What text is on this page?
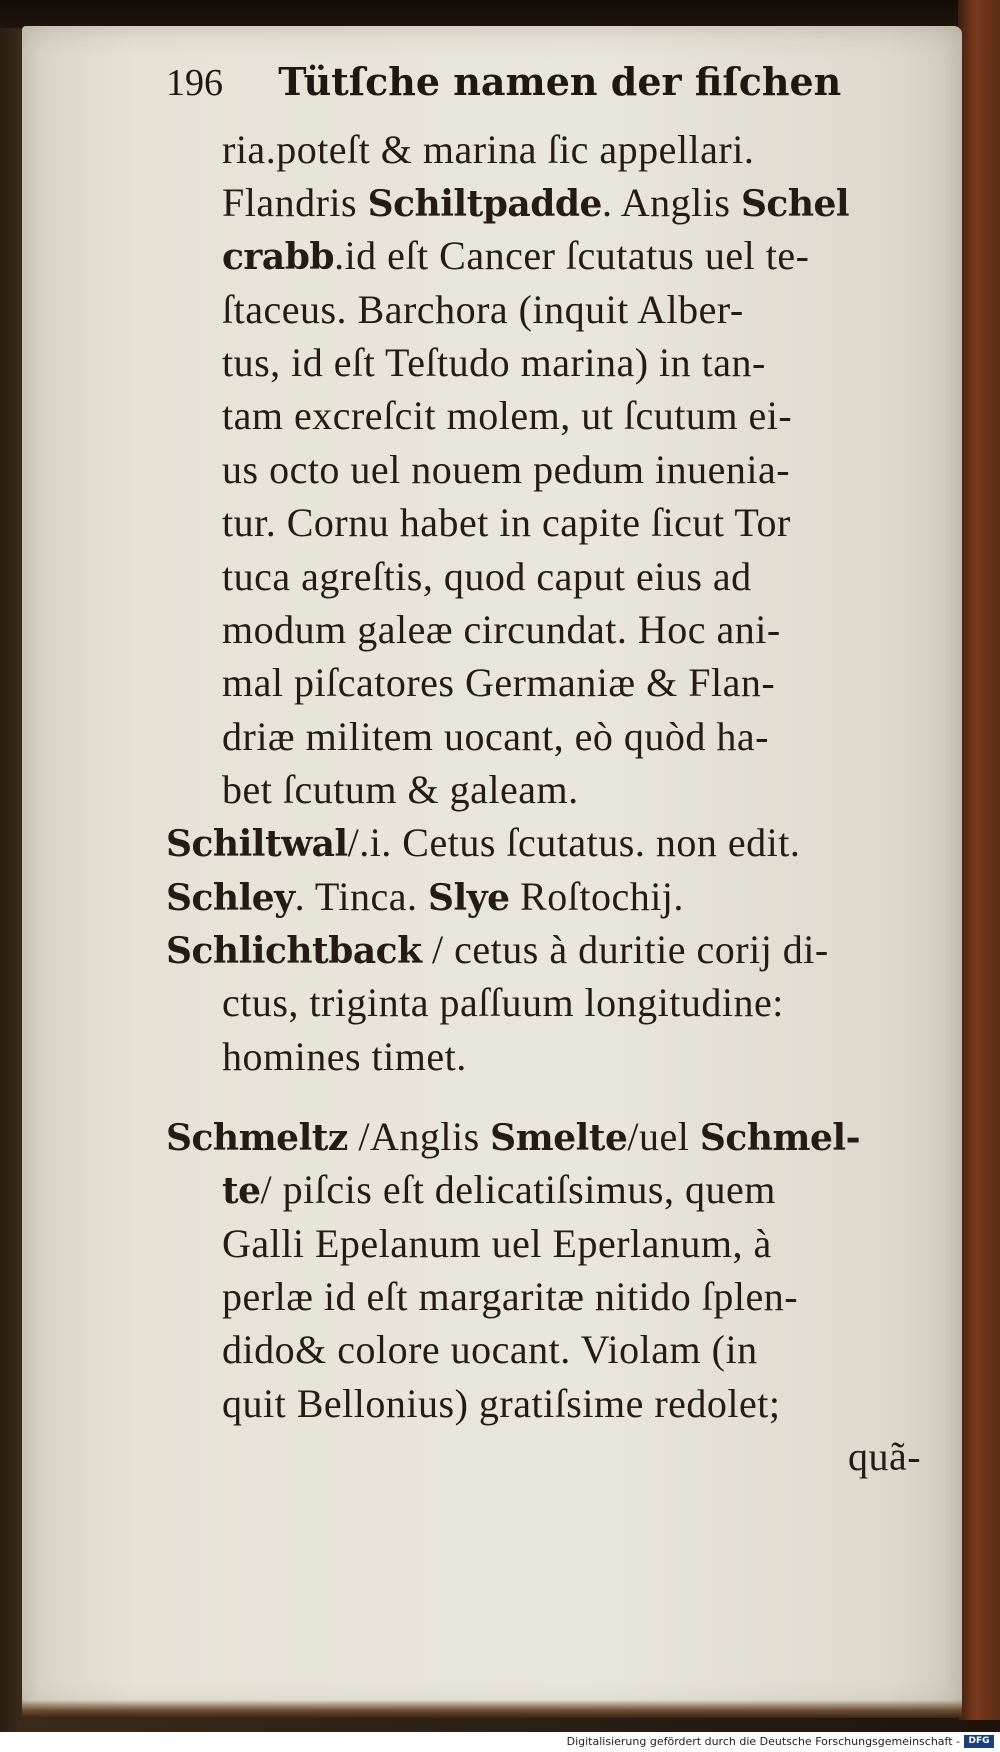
196 Tütſche namen der fiſchen
ria.poteſt & marina ſic appellari.
Flandris Schiltpadde. Anglis Schel
crabb.id eſt Cancer ſcutatus uel te-
ſtaceus. Barchora (inquit Alber-
tus, id eſt Teſtudo marina) in tan-
tam excreſcit molem, ut ſcutum ei-
us octo uel nouem pedum inuenia-
tur. Cornu habet in capite ſicut Tor
tuca agreſtis, quod caput eius ad
modum galeæ circundat. Hoc ani-
mal piſcatores Germaniæ & Flan-
driæ militem uocant, eò quòd ha-
bet ſcutum & galeam.
Schiltwal/.i. Cetus ſcutatus. non edit.
Schley. Tinca. Slye Roſtochij.
Schlichtback / cetus à duritie corij di-
ctus, triginta paſſuum longitudine:
homines timet.
Schmeltz /Anglis Smelte/uel Schmel-
te/ piſcis eſt delicatiſsimus, quem
Galli Epelanum uel Eperlanum, à
perlæ id eſt margaritæ nitido ſplen-
dido& colore uocant. Violam (in
quit Bellonius) gratiſsime redolet;
quã-
Digitalisierung gefördert durch die Deutsche Forschungsgemeinschaft - DFG
